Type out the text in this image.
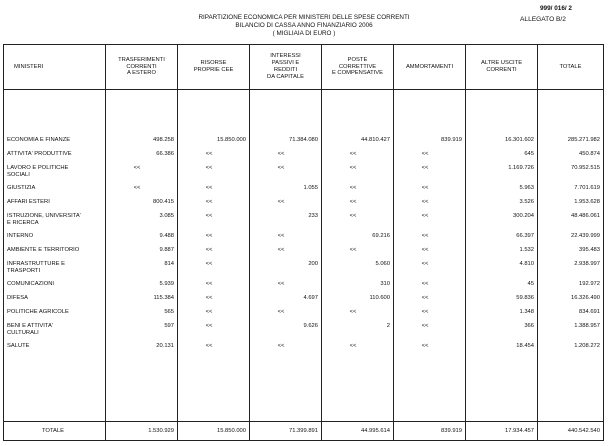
999/ 016/ 2
RIPARTIZIONE ECONOMICA PER MINISTERI DELLE SPESE CORRENTI
BILANCIO DI CASSA ANNO FINANZIARIO 2006
( MIGLIAIA DI EURO )
ALLEGATO B/2
MINISTERI	TRASFERIMENTI
CORRENTI
A ESTERO	RISORSE
PROPRIE CEE	INTERESSI
PASSIVI E
REDDITI
DA CAPITALE	POSTE
CORRETTIVE
E COMPENSATIVE	AMMORTAMENTI	ALTRE USCITE
CORRENTI	TOTALE

ECONOMIA E FINANZE	498.258	15.850.000	71.384.080	44.810.427	839.919	16.301.602	285.271.982
ATTIVITA' PRODUTTIVE	66.386	<<	<<	<<	<<	645	450.874
LAVORO E POLITICHE
SOCIALI	<<	<<	<<	<<	<<	1.169.726	70.952.515
GIUSTIZIA	<<	<<	1.055	<<	<<	5.963	7.701.619
AFFARI ESTERI	800.415	<<	<<	<<	<<	3.526	1.953.628
ISTRUZIONE, UNIVERSITA'
E RICERCA	3.085	<<	233	<<	<<	300.204	48.486.061
INTERNO	9.488	<<	<<	69.216	<<	66.397	22.439.999
AMBIENTE E TERRITORIO	9.887	<<	<<	<<	<<	1.532	395.483
INFRASTRUTTURE E
TRASPORTI	814	<<	200	5.060	<<	4.810	2.938.997
COMUNICAZIONI	5.939	<<	<<	310	<<	45	192.972
DIFESA	115.384	<<	4.697	110.600	<<	59.836	16.326.490
POLITICHE AGRICOLE	565	<<	<<	<<	<<	1.348	834.691
BENI E ATTIVITA'
CULTURALI	597	<<	9.626	2	<<	366	1.388.957
SALUTE	20.131	<<	<<	<<	<<	18.454	1.208.272

TOTALE	1.530.929	15.850.000	71.399.891	44.995.614	839.919	17.934.457	440.542.540
